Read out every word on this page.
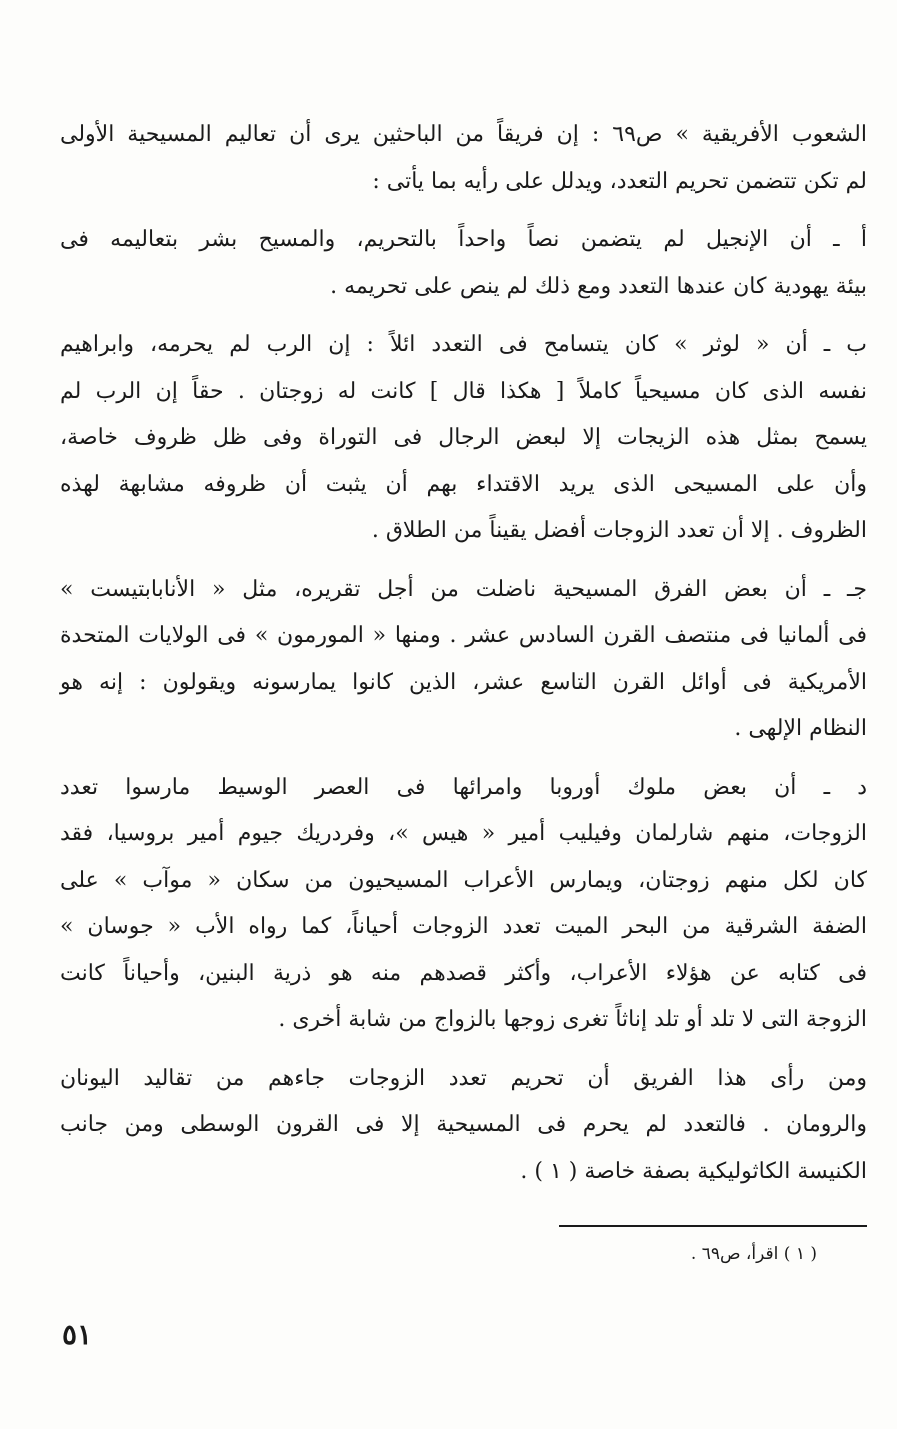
الشعوب الأفريقية » ص٦٩ : إن فريقاً من الباحثين يرى أن تعاليم المسيحية الأولى
لم تكن تتضمن تحريم التعدد، ويدلل على رأيه بما يأتى :

أ ـ أن الإنجيل لم يتضمن نصاً واحداً بالتحريم، والمسيح بشر بتعاليمه فى
بيئة يهودية كان عندها التعدد ومع ذلك لم ينص على تحريمه .

ب ـ أن « لوثر » كان يتسامح فى التعدد ائلاً : إن الرب لم يحرمه، وابراهيم
نفسه الذى كان مسيحياً كاملاً [ هكذا قال ] كانت له زوجتان . حقاً إن الرب لم
يسمح بمثل هذه الزيجات إلا لبعض الرجال فى التوراة وفى ظل ظروف خاصة،
وأن على المسيحى الذى يريد الاقتداء بهم أن يثبت أن ظروفه مشابهة لهذه
الظروف . إلا أن تعدد الزوجات أفضل يقيناً من الطلاق .

جـ ـ أن بعض الفرق المسيحية ناضلت من أجل تقريره، مثل « الأنابابتيست »
فى ألمانيا فى منتصف القرن السادس عشر . ومنها « المورمون » فى الولايات المتحدة
الأمريكية فى أوائل القرن التاسع عشر، الذين كانوا يمارسونه ويقولون : إنه هو
النظام الإلهى .

د ـ أن بعض ملوك أوروبا وامرائها فى العصر الوسيط مارسوا تعدد
الزوجات، منهم شارلمان وفيليب أمير « هيس »، وفردريك جيوم أمير بروسيا، فقد
كان لكل منهم زوجتان، ويمارس الأعراب المسيحيون من سكان « موآب » على
الضفة الشرقية من البحر الميت تعدد الزوجات أحياناً، كما رواه الأب « جوسان »
فى كتابه عن هؤلاء الأعراب، وأكثر قصدهم منه هو ذرية البنين، وأحياناً كانت
الزوجة التى لا تلد أو تلد إناثاً تغرى زوجها بالزواج من شابة أخرى .

ومن رأى هذا الفريق أن تحريم تعدد الزوجات جاءهم من تقاليد اليونان
والرومان . فالتعدد لم يحرم فى المسيحية إلا فى القرون الوسطى ومن جانب
الكنيسة الكاثوليكية بصفة خاصة ( ١ ) .

( ١ ) اقرأ، ص٦٩ .
٥١
